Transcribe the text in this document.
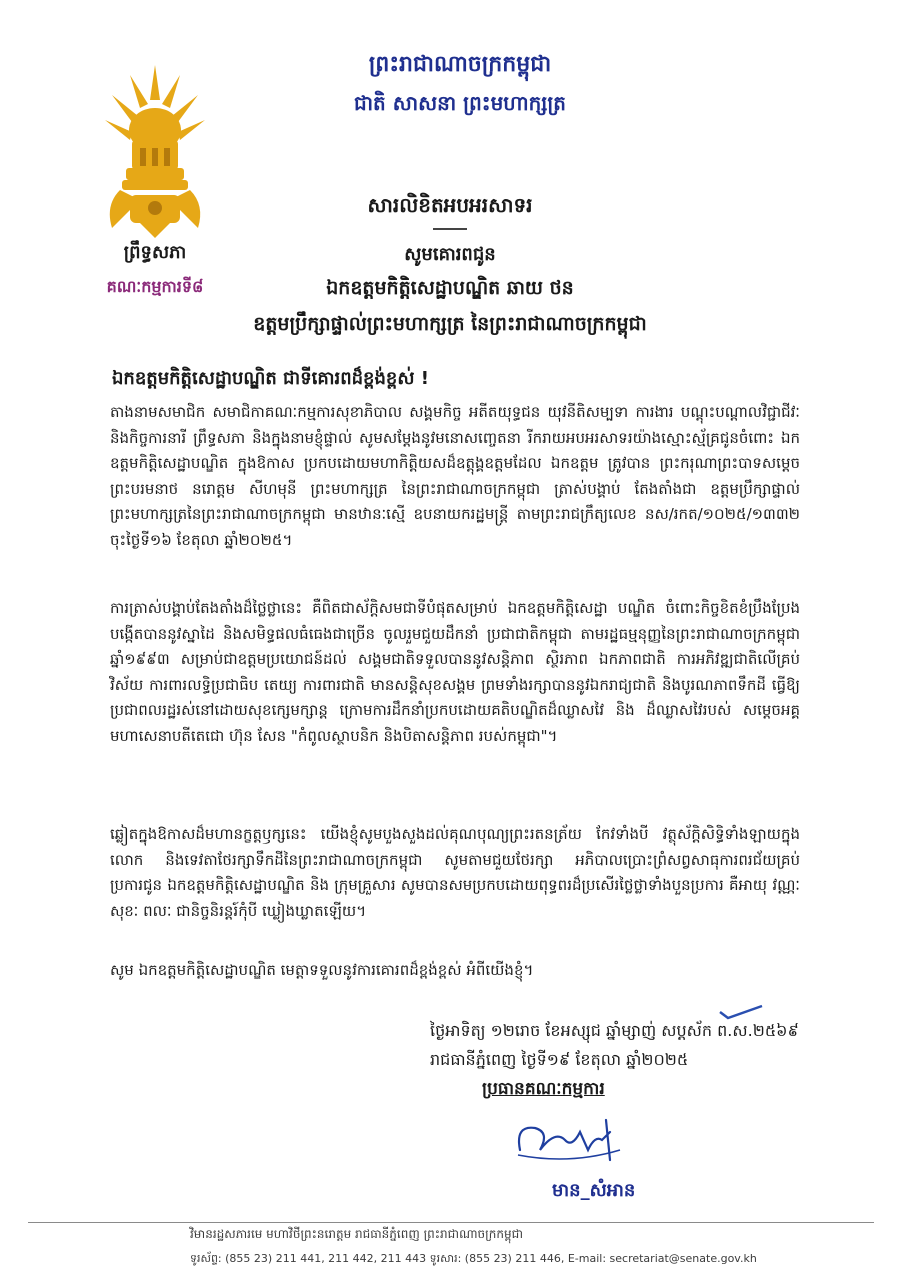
ព្រឹទ្ធសភា
គណៈកម្មការទី៨
ព្រះរាជាណាចក្រកម្ពុជា
ជាតិ សាសនា ព្រះមហាក្សត្រ
សារលិខិតអបអរសាទរ
សូមគោរពជូន
ឯកឧត្តមកិត្តិសេដ្ឋាបណ្ឌិត ឆាយ ថន
ឧត្តមប្រឹក្សាផ្ទាល់ព្រះមហាក្សត្រ នៃព្រះរាជាណាចក្រកម្ពុជា
ឯកឧត្តមកិត្តិសេដ្ឋាបណ្ឌិត ជាទីគោរពដ៏ខ្ពង់ខ្ពស់ !
តាងនាមសមាជិក សមាជិកាគណៈកម្មការសុខាភិបាល សង្គមកិច្ច អតីតយុទ្ធជន យុវនីតិសម្បទា ការងារ បណ្តុះបណ្តាលវិជ្ជាជីវៈ និងកិច្ចការនារី ព្រឹទ្ធសភា និងក្នុងនាមខ្ញុំផ្ទាល់ សូមសម្តែងនូវមនោសញ្ចេតនា រីករាយអបអរសាទរយ៉ាងស្មោះស្ម័គ្រជូនចំពោះ ឯកឧត្តមកិត្តិសេដ្ឋាបណ្ឌិត ក្នុងឱកាស ប្រកបដោយមហាកិត្តិយសដ៏ឧត្តុង្គឧត្តមដែល ឯកឧត្តម ត្រូវបាន ព្រះករុណាព្រះបាទសម្តេច ព្រះបរមនាថ នរោត្តម សីហមុនី ព្រះមហាក្សត្រ នៃព្រះរាជាណាចក្រកម្ពុជា ត្រាស់បង្គាប់ តែងតាំងជា ឧត្តមប្រឹក្សាផ្ទាល់ព្រះមហាក្សត្រនៃព្រះរាជាណាចក្រកម្ពុជា មានឋានៈស្មើ ឧបនាយករដ្ឋមន្ត្រី តាមព្រះរាជក្រឹត្យលេខ នស/រកត/១០២៥/១៣៣២ ចុះថ្ងៃទី១៦ ខែតុលា ឆ្នាំ២០២៥។
ការត្រាស់បង្គាប់តែងតាំងដ៏ថ្លៃថ្លានេះ គឺពិតជាស័ក្តិសមជាទីបំផុតសម្រាប់ ឯកឧត្តមកិត្តិសេដ្ឋា បណ្ឌិត ចំពោះកិច្ចខិតខំប្រឹងប្រែងបង្កើតបាននូវស្នាដៃ និងសមិទ្ធផលធំធេងជាច្រើន ចូលរួមជួយដឹកនាំ ប្រជាជាតិកម្ពុជា តាមរដ្ឋធម្មនុញ្ញនៃព្រះរាជាណាចក្រកម្ពុជាឆ្នាំ១៩៩៣ សម្រាប់ជាឧត្តមប្រយោជន៍ដល់ សង្គមជាតិទទួលបាននូវសន្តិភាព ស្ថិរភាព ឯកភាពជាតិ ការអភិវឌ្ឍជាតិលើគ្រប់វិស័យ ការពារលទ្ធិប្រជាធិប តេយ្យ ការពារជាតិ មានសន្តិសុខសង្គម ព្រមទាំងរក្សាបាននូវឯករាជ្យជាតិ និងបូរណភាពទឹកដី ធ្វើឱ្យ ប្រជាពលរដ្ឋរស់នៅដោយសុខក្សេមក្សាន្ត ក្រោមការដឹកនាំប្រកបដោយគតិបណ្ឌិតដ៏ឈ្លាសវៃ និង ដ៏ឈ្លាសវៃរបស់ សម្តេចអគ្គមហាសេនាបតីតេជោ ហ៊ុន សែន "កំពូលស្ថាបនិក និងបិតាសន្តិភាព របស់កម្ពុជា"។
ឆ្លៀតក្នុងឱកាសដ៏មហានក្ខត្តឫក្សនេះ យើងខ្ញុំសូមបួងសួងដល់គុណបុណ្យព្រះរតនត្រ័យ កែវទាំងបី វត្ថុស័ក្តិសិទ្ធិទាំងឡាយក្នុងលោក និងទេវតាថែរក្សាទឹកដីនៃព្រះរាជាណាចក្រកម្ពុជា សូមតាមជួយថែរក្សា អភិបាលប្រោះព្រំសព្វសាធុការពរជ័យគ្រប់ប្រការជូន ឯកឧត្តមកិត្តិសេដ្ឋាបណ្ឌិត និង ក្រុមគ្រួសារ សូមបានសមប្រកបដោយពុទ្ធពរដ៏ប្រសើរថ្លៃថ្លាទាំងបួនប្រការ គឺអាយុ វណ្ណៈ សុខៈ ពលៈ ជានិច្ចនិរន្តរ៍កុំបី ឃ្លៀងឃ្លាតឡើយ។
សូម ឯកឧត្តមកិត្តិសេដ្ឋាបណ្ឌិត មេត្តាទទួលនូវការគោរពដ៏ខ្ពង់ខ្ពស់ អំពីយើងខ្ញុំ។
ថ្ងៃអាទិត្យ ១២រោច ខែអស្សុជ ឆ្នាំម្សាញ់ សប្តស័ក ព.ស.២៥៦៩
រាជធានីភ្នំពេញ ថ្ងៃទី១៩ ខែតុលា ឆ្នាំ២០២៥
ប្រធានគណៈកម្មការ
មាន_សំអាន
វិមានរដ្ឋសភារមេ មហាវិថីព្រះនរោត្តម រាជធានីភ្នំពេញ ព្រះរាជាណាចក្រកម្ពុជា
ទូរស័ព្ទ: (855 23) 211 441, 211 442, 211 443 ទូរសារ: (855 23) 211 446, E-mail: secretariat@senate.gov.kh
